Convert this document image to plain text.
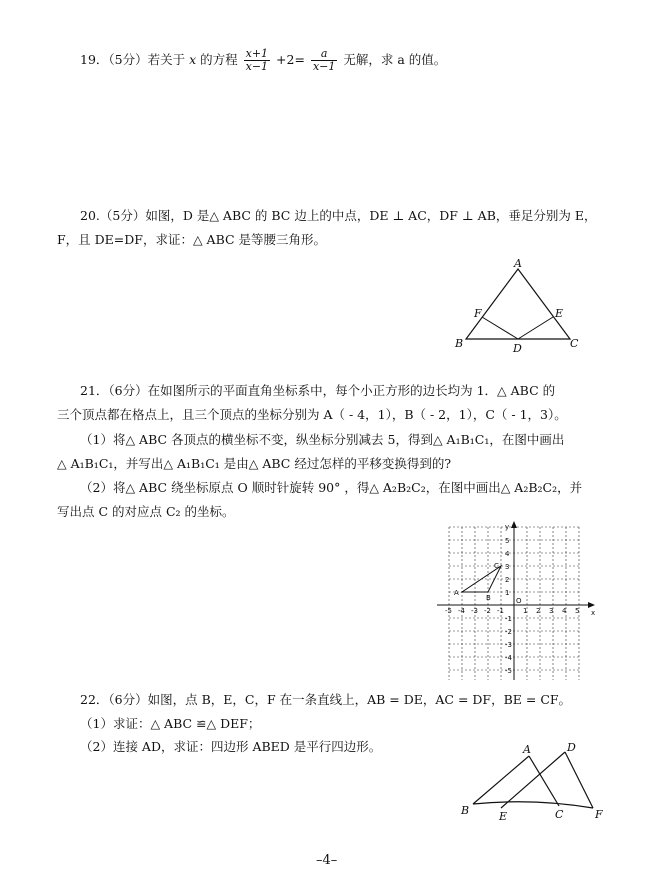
19．（5分）若关于 x 的方程 $\frac{x+1}{x-1} +2= \frac{a}{x-1}$ 无解，求 a 的值。
20.（5分）如图，D 是△ ABC 的 BC 边上的中点，DE ⊥ AC，DF ⊥ AB，垂足分别为 E，
F，且 DE=DF，求证：△ ABC 是等腰三角形。
A
B	C
D
E
F
21．（6分）在如图所示的平面直角坐标系中，每个小正方形的边长均为 1．△ ABC 的
三个顶点都在格点上，且三个顶点的坐标分别为 A（ - 4，1），B（ - 2，1），C（ - 1，3）。
（1）将△ ABC 各顶点的横坐标不变，纵坐标分别减去 5，得到△ A₁B₁C₁，在图中画出
△ A₁B₁C₁，并写出△ A₁B₁C₁ 是由△ ABC 经过怎样的平移变换得到的?
（2）将△ ABC 绕坐标原点 O 顺时针旋转 90° ，得△ A₂B₂C₂，在图中画出△ A₂B₂C₂，并
写出点 C 的对应点 C₂ 的坐标。
x
y
O
-5 -4 -3 -2 -1	1 2 3 4 5
5
4
3
2
1
-1
-2
-3
-4
-5
A
B
C
22．（6分）如图，点 B，E，C，F 在一条直线上，AB = DE，AC = DF，BE = CF。
（1）求证：△ ABC ≌△ DEF；
（2）连接 AD，求证：四边形 ABED 是平行四边形。	A
B	C
D
E	F
–4–
